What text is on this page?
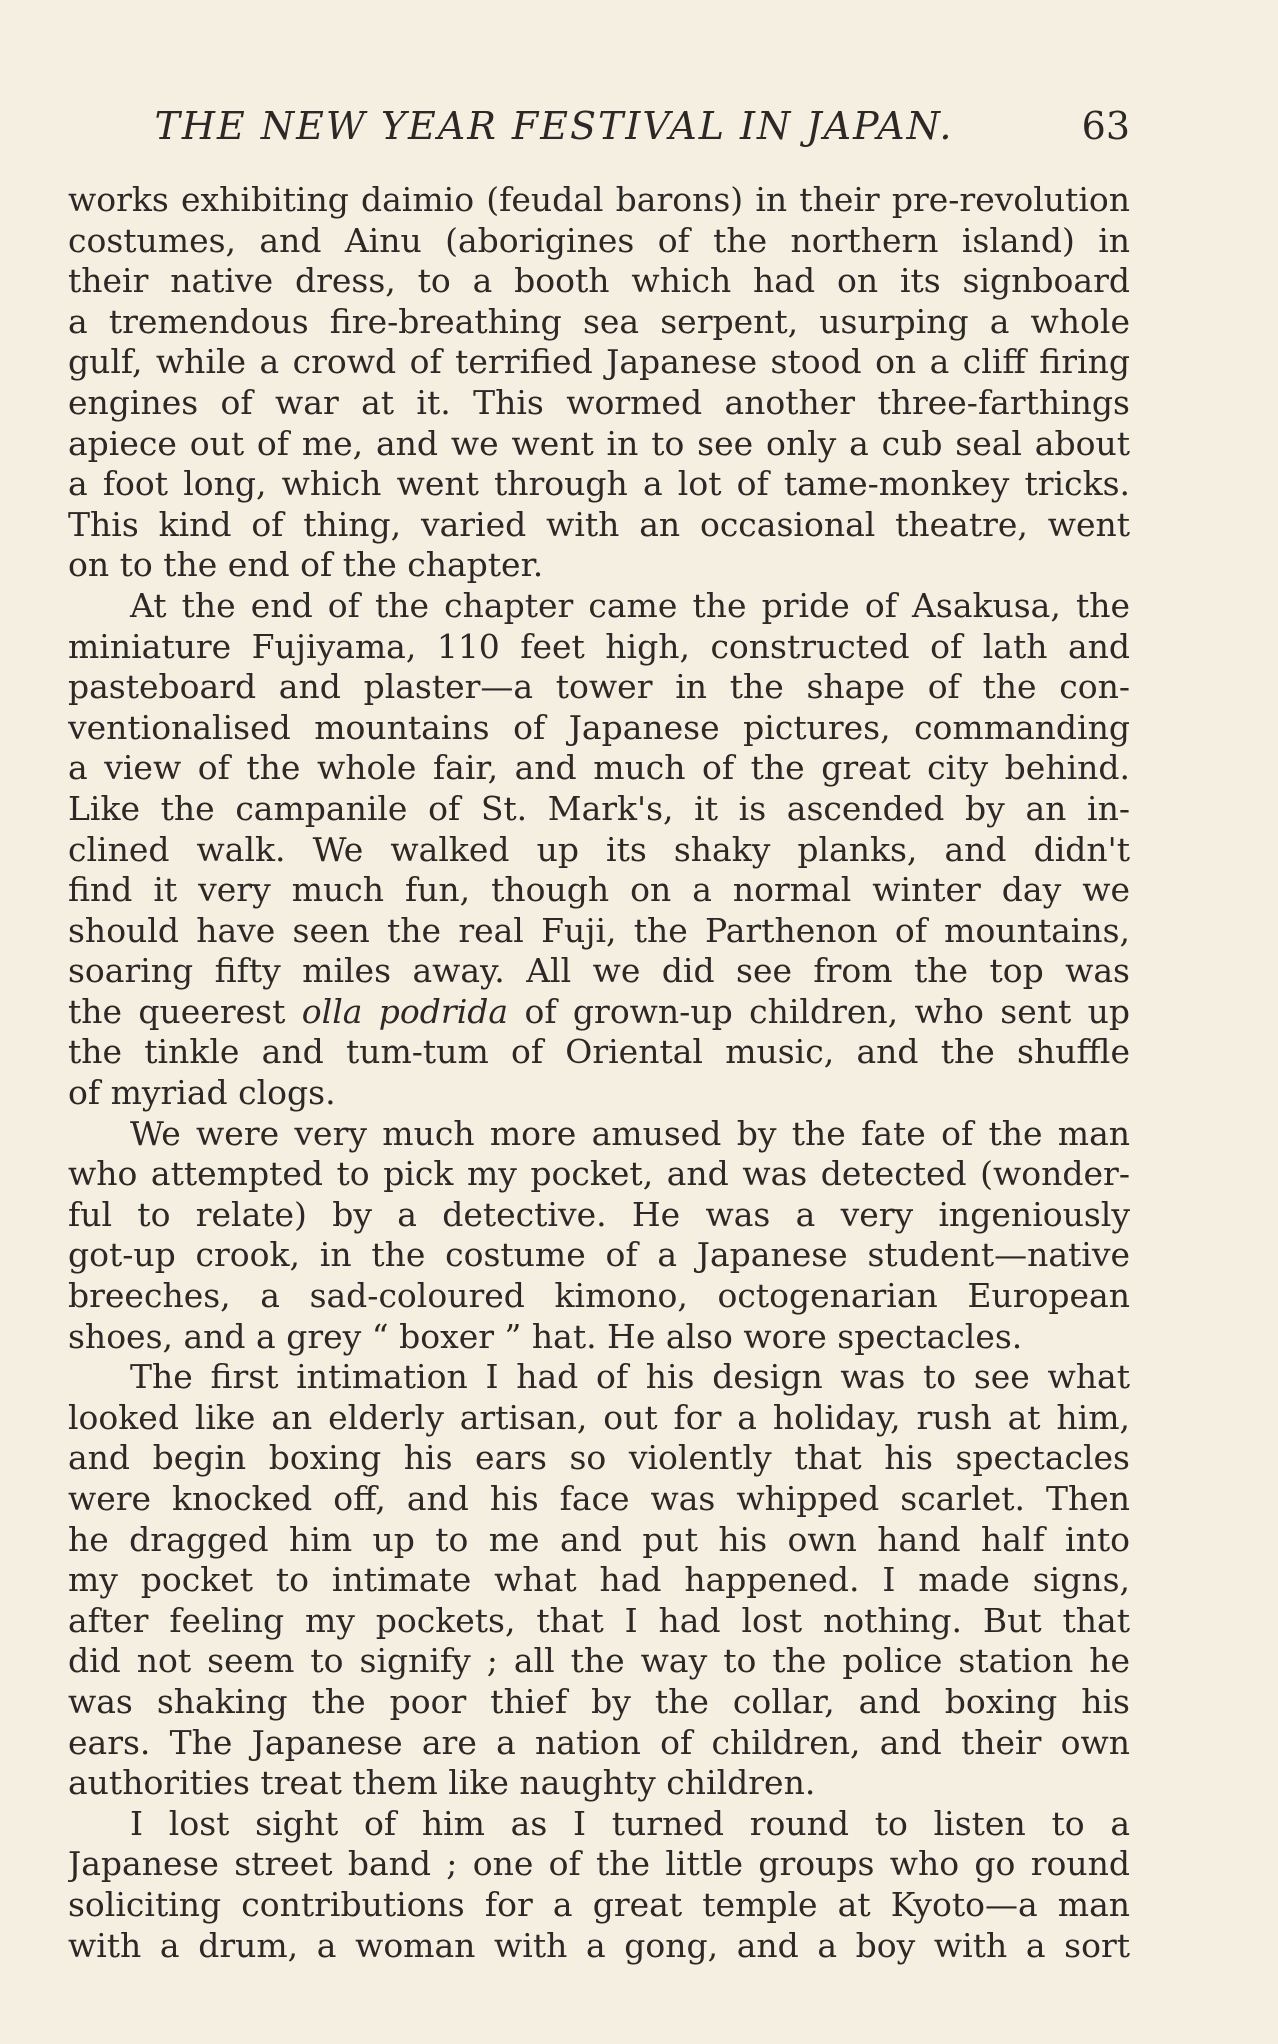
THE NEW YEAR FESTIVAL IN JAPAN.	63
works exhibiting daimio (feudal barons) in their pre-revolution
costumes, and Ainu (aborigines of the northern island) in
their native dress, to a booth which had on its signboard
a tremendous fire-breathing sea serpent, usurping a whole
gulf, while a crowd of terrified Japanese stood on a cliff firing
engines of war at it. This wormed another three-farthings
apiece out of me, and we went in to see only a cub seal about
a foot long, which went through a lot of tame-monkey tricks.
This kind of thing, varied with an occasional theatre, went
on to the end of the chapter.
At the end of the chapter came the pride of Asakusa, the
miniature Fujiyama, 110 feet high, constructed of lath and
pasteboard and plaster—a tower in the shape of the con-
ventionalised mountains of Japanese pictures, commanding
a view of the whole fair, and much of the great city behind.
Like the campanile of St. Mark's, it is ascended by an in-
clined walk. We walked up its shaky planks, and didn't
find it very much fun, though on a normal winter day we
should have seen the real Fuji, the Parthenon of mountains,
soaring fifty miles away. All we did see from the top was
the queerest olla podrida of grown-up children, who sent up
the tinkle and tum-tum of Oriental music, and the shuffle
of myriad clogs.
We were very much more amused by the fate of the man
who attempted to pick my pocket, and was detected (wonder-
ful to relate) by a detective. He was a very ingeniously
got-up crook, in the costume of a Japanese student—native
breeches, a sad-coloured kimono, octogenarian European
shoes, and a grey “ boxer ” hat. He also wore spectacles.
The first intimation I had of his design was to see what
looked like an elderly artisan, out for a holiday, rush at him,
and begin boxing his ears so violently that his spectacles
were knocked off, and his face was whipped scarlet. Then
he dragged him up to me and put his own hand half into
my pocket to intimate what had happened. I made signs,
after feeling my pockets, that I had lost nothing. But that
did not seem to signify ; all the way to the police station he
was shaking the poor thief by the collar, and boxing his
ears. The Japanese are a nation of children, and their own
authorities treat them like naughty children.
I lost sight of him as I turned round to listen to a
Japanese street band ; one of the little groups who go round
soliciting contributions for a great temple at Kyoto—a man
with a drum, a woman with a gong, and a boy with a sort
